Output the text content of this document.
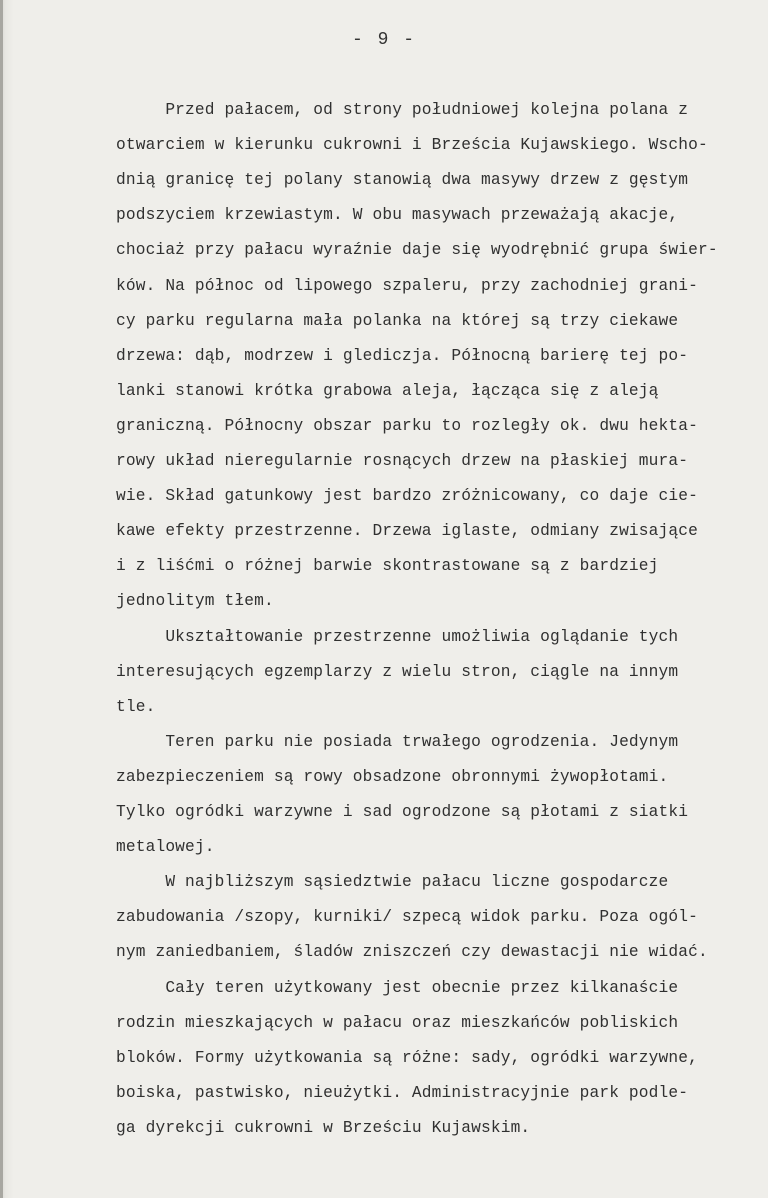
- 9 -
Przed pałacem, od strony południowej kolejna polana z
otwarciem w kierunku cukrowni i Brześcia Kujawskiego. Wscho-
dnią granicę tej polany stanowią dwa masywy drzew z gęstym
podszyciem krzewiastym. W obu masywach przeważają akacje,
chociaż przy pałacu wyraźnie daje się wyodrębnić grupa świer-
ków. Na północ od lipowego szpaleru, przy zachodniej grani-
cy parku regularna mała polanka na której są trzy ciekawe
drzewa: dąb, modrzew i glediczja. Północną barierę tej po-
lanki stanowi krótka grabowa aleja, łącząca się z aleją
graniczną. Północny obszar parku to rozległy ok. dwu hekta-
rowy układ nieregularnie rosnących drzew na płaskiej mura-
wie. Skład gatunkowy jest bardzo zróżnicowany, co daje cie-
kawe efekty przestrzenne. Drzewa iglaste, odmiany zwisające
i z liśćmi o różnej barwie skontrastowane są z bardziej
jednolitym tłem.
Ukształtowanie przestrzenne umożliwia oglądanie tych
interesujących egzemplarzy z wielu stron, ciągle na innym
tle.
Teren parku nie posiada trwałego ogrodzenia. Jedynym
zabezpieczeniem są rowy obsadzone obronnymi żywopłotami.
Tylko ogródki warzywne i sad ogrodzone są płotami z siatki
metalowej.
W najbliższym sąsiedztwie pałacu liczne gospodarcze
zabudowania /szopy, kurniki/ szpecą widok parku. Poza ogól-
nym zaniedbaniem, śladów zniszczeń czy dewastacji nie widać.
Cały teren użytkowany jest obecnie przez kilkanaście
rodzin mieszkających w pałacu oraz mieszkańców pobliskich
bloków. Formy użytkowania są różne: sady, ogródki warzywne,
boiska, pastwisko, nieużytki. Administracyjnie park podle-
ga dyrekcji cukrowni w Brześciu Kujawskim.
